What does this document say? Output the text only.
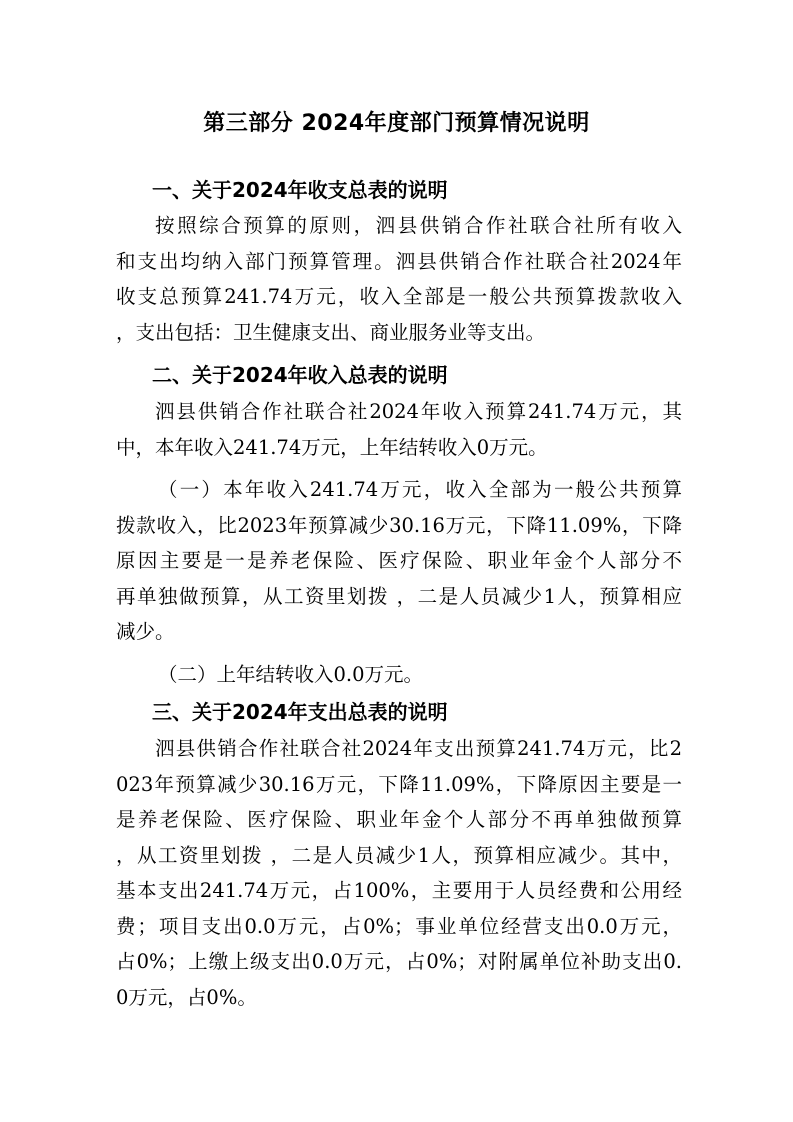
第三部分 2024年度部门预算情况说明
一、关于2024年收支总表的说明
按照综合预算的原则，泗县供销合作社联合社所有收入
和支出均纳入部门预算管理。泗县供销合作社联合社2024年
收支总预算241.74万元，收入全部是一般公共预算拨款收入
，支出包括：卫生健康支出、商业服务业等支出。
二、关于2024年收入总表的说明
泗县供销合作社联合社2024年收入预算241.74万元，其
中，本年收入241.74万元，上年结转收入0万元。
（一）本年收入241.74万元，收入全部为一般公共预算
拨款收入，比2023年预算减少30.16万元，下降11.09%，下降
原因主要是一是养老保险、医疗保险、职业年金个人部分不
再单独做预算，从工资里划拨 ，二是人员减少1人，预算相应
减少。
（二）上年结转收入0.0万元。
三、关于2024年支出总表的说明
泗县供销合作社联合社2024年支出预算241.74万元，比2
023年预算减少30.16万元，下降11.09%，下降原因主要是一
是养老保险、医疗保险、职业年金个人部分不再单独做预算
，从工资里划拨 ，二是人员减少1人，预算相应减少。其中，
基本支出241.74万元，占100%，主要用于人员经费和公用经
费；项目支出0.0万元，占0%；事业单位经营支出0.0万元，
占0%；上缴上级支出0.0万元，占0%；对附属单位补助支出0.
0万元，占0%。
